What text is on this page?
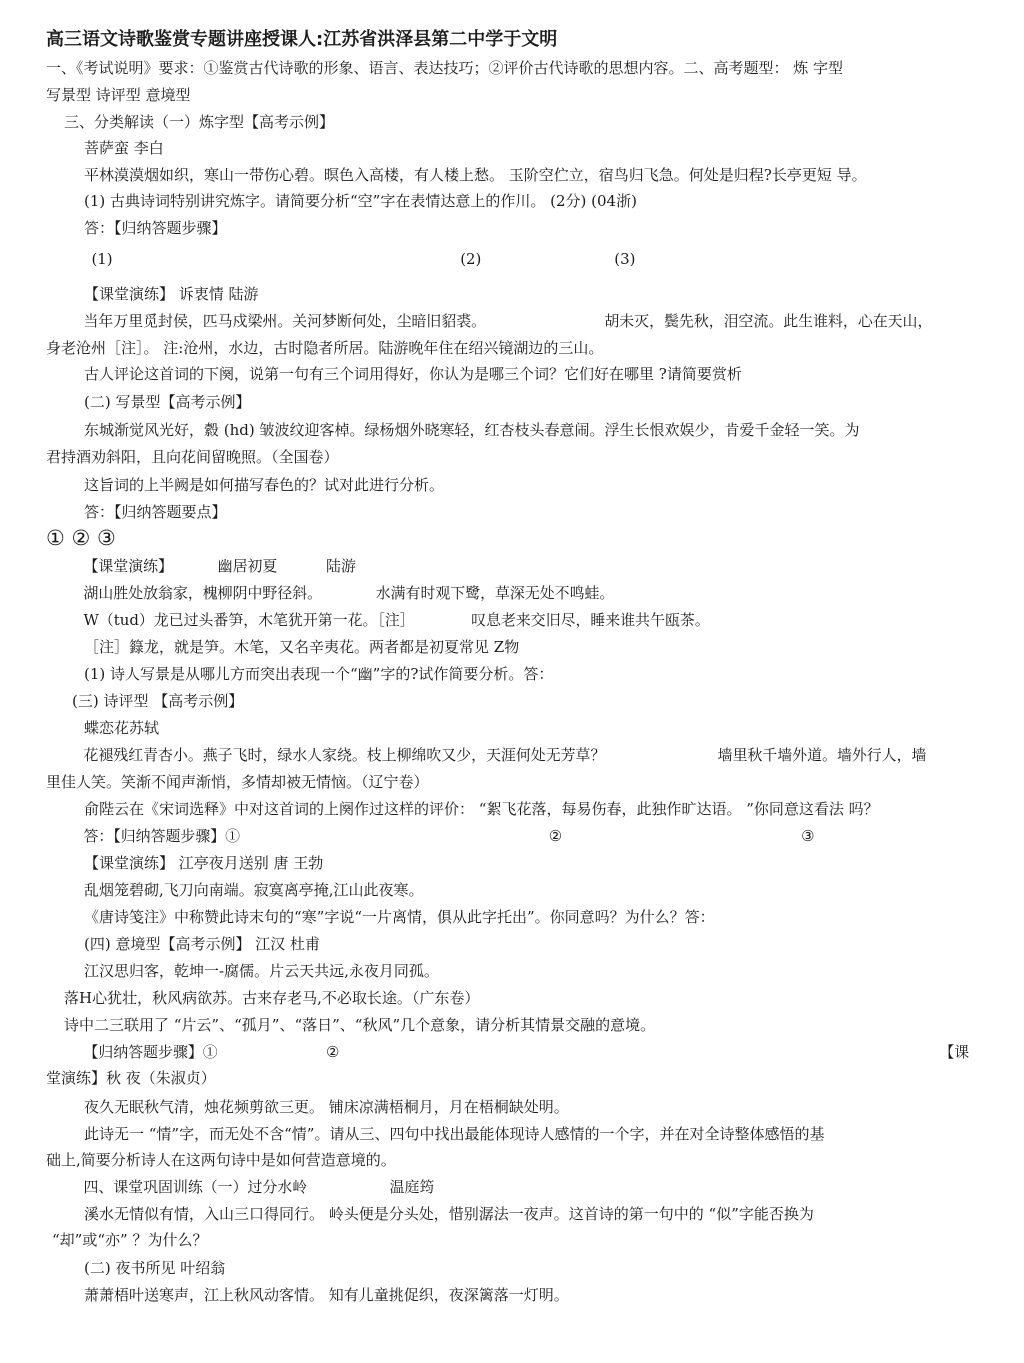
高三语文诗歌鉴赏专题讲座授课人:江苏省洪泽县第二中学于文明
一、《考试说明》要求：①鉴赏古代诗歌的形象、语言、表达技巧；②评价古代诗歌的思想内容。二、高考题型： 炼 字型
写景型 诗评型 意境型
三、分类解读（一）炼字型【高考示例】
菩萨蛮 李白
平林漠漠烟如织，寒山一带伤心碧。暝色入高楼，有人楼上愁。 玉阶空伫立，宿鸟归飞急。何处是归程?长亭更短 导。
(1) 古典诗词特别讲究炼字。请简要分析“空”字在表情达意上的作川。 (2分) (04浙)
答：【归纳答题步骤】
(1)	(2)	(3)
【课堂演练】 诉衷情 陆游
当年万里觅封侯，匹马戍梁州。关河梦断何处，尘暗旧貂裘。	胡未灭，鬓先秋，泪空流。此生谁料，心在天山，
身老沧州［注］。 注:沧州，水边，古时隐者所居。陆游晚年住在绍兴镜湖边的三山。
古人评论这首词的下阕，说第一句有三个词用得好，你认为是哪三个词？它们好在哪里 ?请简要赏析
(二) 写景型【高考示例】
东城渐觉风光好，縠 (hd) 皱波纹迎客棹。绿杨烟外晓寒轻，红杏枝头春意闹。浮生长恨欢娱少，肯爱千金轻一笑。为
君持酒劝斜阳，且向花间留晚照。（全国卷）
这旨词的上半阙是如何描写春色的？试对此进行分析。
答：【归纳答题要点】
① ② ③
【课堂演练】	幽居初夏	陆游
湖山胜处放翁家，槐柳阴中野径斜。	水满有时观下鹭，草深无处不鸣蛙。
W（tud）龙已过头番笋，木笔犹开第一花。［注］	叹息老来交旧尽，睡来谁共午瓯茶。
［注］籙龙，就是笋。木笔，又名辛夷花。两者都是初夏常见 Z物
(1) 诗人写景是从哪儿方而突出表现一个“幽”字的?试作简要分析。答：
(三) 诗评型 【高考示例】
蝶恋花苏轼
花褪残红青杏小。燕子飞时，绿水人家绕。枝上柳绵吹又少，天涯何处无芳草？	墙里秋千墙外道。墙外行人，墙
里佳人笑。笑渐不闻声渐悄，多情却被无情恼。（辽宁卷）
俞陛云在《宋词选释》中对这首词的上阕作过这样的评价： “絮飞花落，每易伤春，此独作旷达语。 ”你同意这看法 吗？
答：【归纳答题步骤】①	②	③
【课堂演练】 江亭夜月送别 唐 王勃
乱烟笼碧砌,飞刀向南端。寂寞离亭掩,江山此夜寒。
《唐诗笺注》中称赞此诗末句的“寒”字说“一片离情，俱从此字托出”。你同意吗？为什么？答：
(四) 意境型【高考示例】 江汉 杜甫
江汉思归客，乾坤一-腐儒。片云天共远,永夜月同孤。
落H心犹壮，秋风病欲苏。古来存老马,不必取长途。（广东卷）
诗中二三联用了 “片云”、“孤月”、“落日”、“秋风”几个意象，请分析其情景交融的意境。
【归纳答题步骤】①	②	【课
堂演练】秋 夜（朱淑贞）
夜久无眠秋气清，烛花频剪欲三更。 铺床凉满梧桐月，月在梧桐缺处明。
此诗无一 “情”字，而无处不含“情”。请从三、四句中找出最能体现诗人感情的一个字，并在对全诗整体感悟的基
础上,简要分析诗人在这两句诗中是如何营造意境的。
四、课堂巩固训练（一）过分水岭	温庭筠
溪水无情似有情，入山三口得同行。 岭头便是分头处，惜别潺法一夜声。这首诗的第一句中的 “似”字能否换为
“却”或“亦” ？为什么？
(二) 夜书所见 叶绍翁
萧萧梧叶送寒声，江上秋风动客情。 知有儿童挑促织，夜深篱落一灯明。
